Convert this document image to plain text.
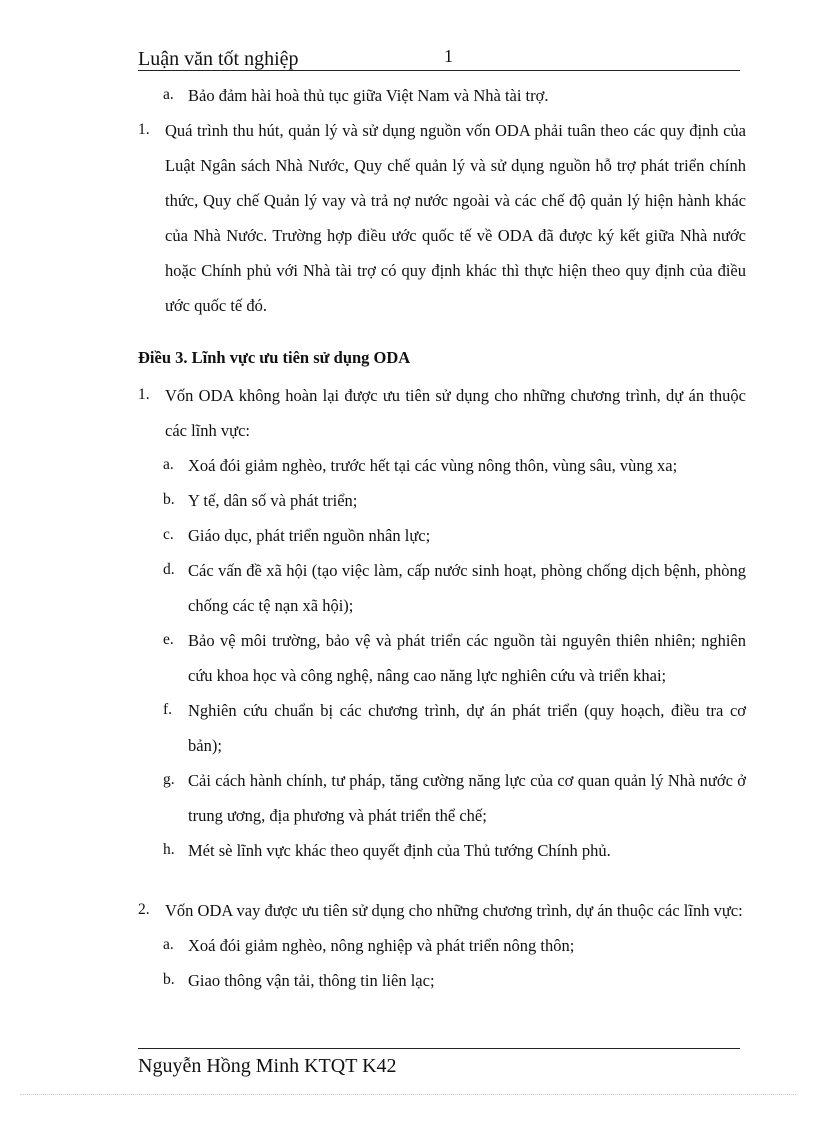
Luận văn tốt nghiệp	1
a. Bảo đảm hài hoà thủ tục giữa Việt Nam và Nhà tài trợ.
1. Quá trình thu hút, quản lý và sử dụng nguồn vốn ODA phải tuân theo các quy định của Luật Ngân sách Nhà Nước, Quy chế quản lý và sử dụng nguồn hỗ trợ phát triển chính thức, Quy chế Quản lý vay và trả nợ nước ngoài và các chế độ quản lý hiện hành khác của Nhà Nước. Trường hợp điều ước quốc tế về ODA đã được ký kết giữa Nhà nước hoặc Chính phủ với Nhà tài trợ có quy định khác thì thực hiện theo quy định của điều ước quốc tế đó.
Điều 3. Lĩnh vực ưu tiên sử dụng ODA
1. Vốn ODA không hoàn lại được ưu tiên sử dụng cho những chương trình, dự án thuộc các lĩnh vực:
a. Xoá đói giảm nghèo, trước hết tại các vùng nông thôn, vùng sâu, vùng xa;
b. Y tế, dân số và phát triển;
c. Giáo dục, phát triển nguồn nhân lực;
d. Các vấn đề xã hội (tạo việc làm, cấp nước sinh hoạt, phòng chống dịch bệnh, phòng chống các tệ nạn xã hội);
e. Bảo vệ môi trường, bảo vệ và phát triển các nguồn tài nguyên thiên nhiên; nghiên cứu khoa học và công nghệ, nâng cao năng lực nghiên cứu và triển khai;
f. Nghiên cứu chuẩn bị các chương trình, dự án phát triển (quy hoạch, điều tra cơ bản);
g. Cải cách hành chính, tư pháp, tăng cường năng lực của cơ quan quản lý Nhà nước ở trung ương, địa phương và phát triển thể chế;
h. Mét sè lĩnh vực khác theo quyết định của Thủ tướng Chính phủ.
2. Vốn ODA vay được ưu tiên sử dụng cho những chương trình, dự án thuộc các lĩnh vực:
a. Xoá đói giảm nghèo, nông nghiệp và phát triển nông thôn;
b. Giao thông vận tải, thông tin liên lạc;
Nguyễn Hồng Minh KTQT K42
